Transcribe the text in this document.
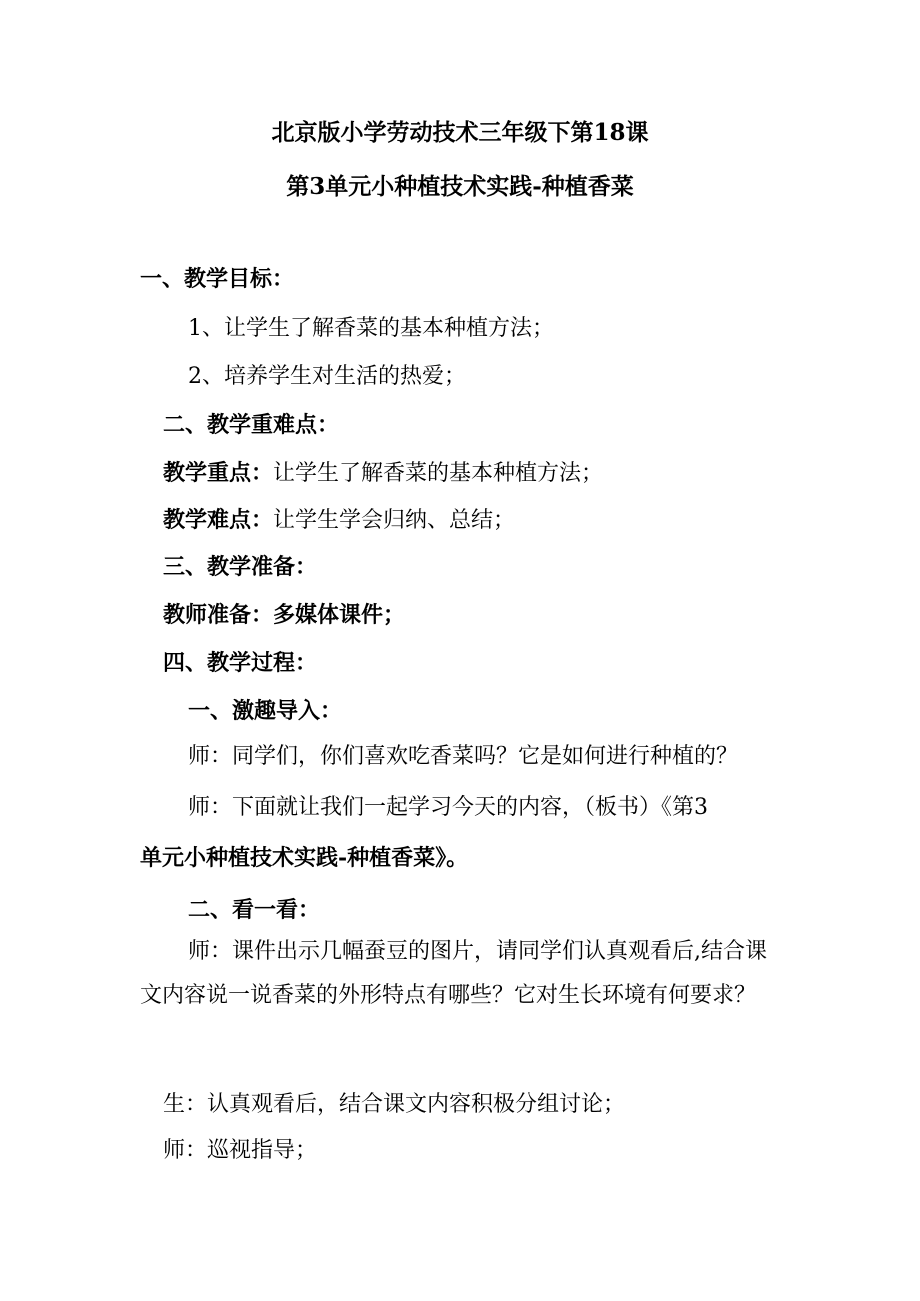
北京版小学劳动技术三年级下第18课
第3单元小种植技术实践-种植香菜
一、教学目标：
1、让学生了解香菜的基本种植方法；
2、培养学生对生活的热爱；
二、教学重难点：
教学重点：让学生了解香菜的基本种植方法；
教学难点：让学生学会归纳、总结；
三、教学准备：
教师准备：多媒体课件；
四、教学过程：
一、激趣导入：
师：同学们，你们喜欢吃香菜吗？它是如何进行种植的？
师：下面就让我们一起学习今天的内容，（板书）《第3
单元小种植技术实践-种植香菜》。
二、看一看：
师：课件出示几幅蚕豆的图片，请同学们认真观看后,结合课文内容说一说香菜的外形特点有哪些？它对生长环境有何要求？
生：认真观看后，结合课文内容积极分组讨论；
师：巡视指导；
